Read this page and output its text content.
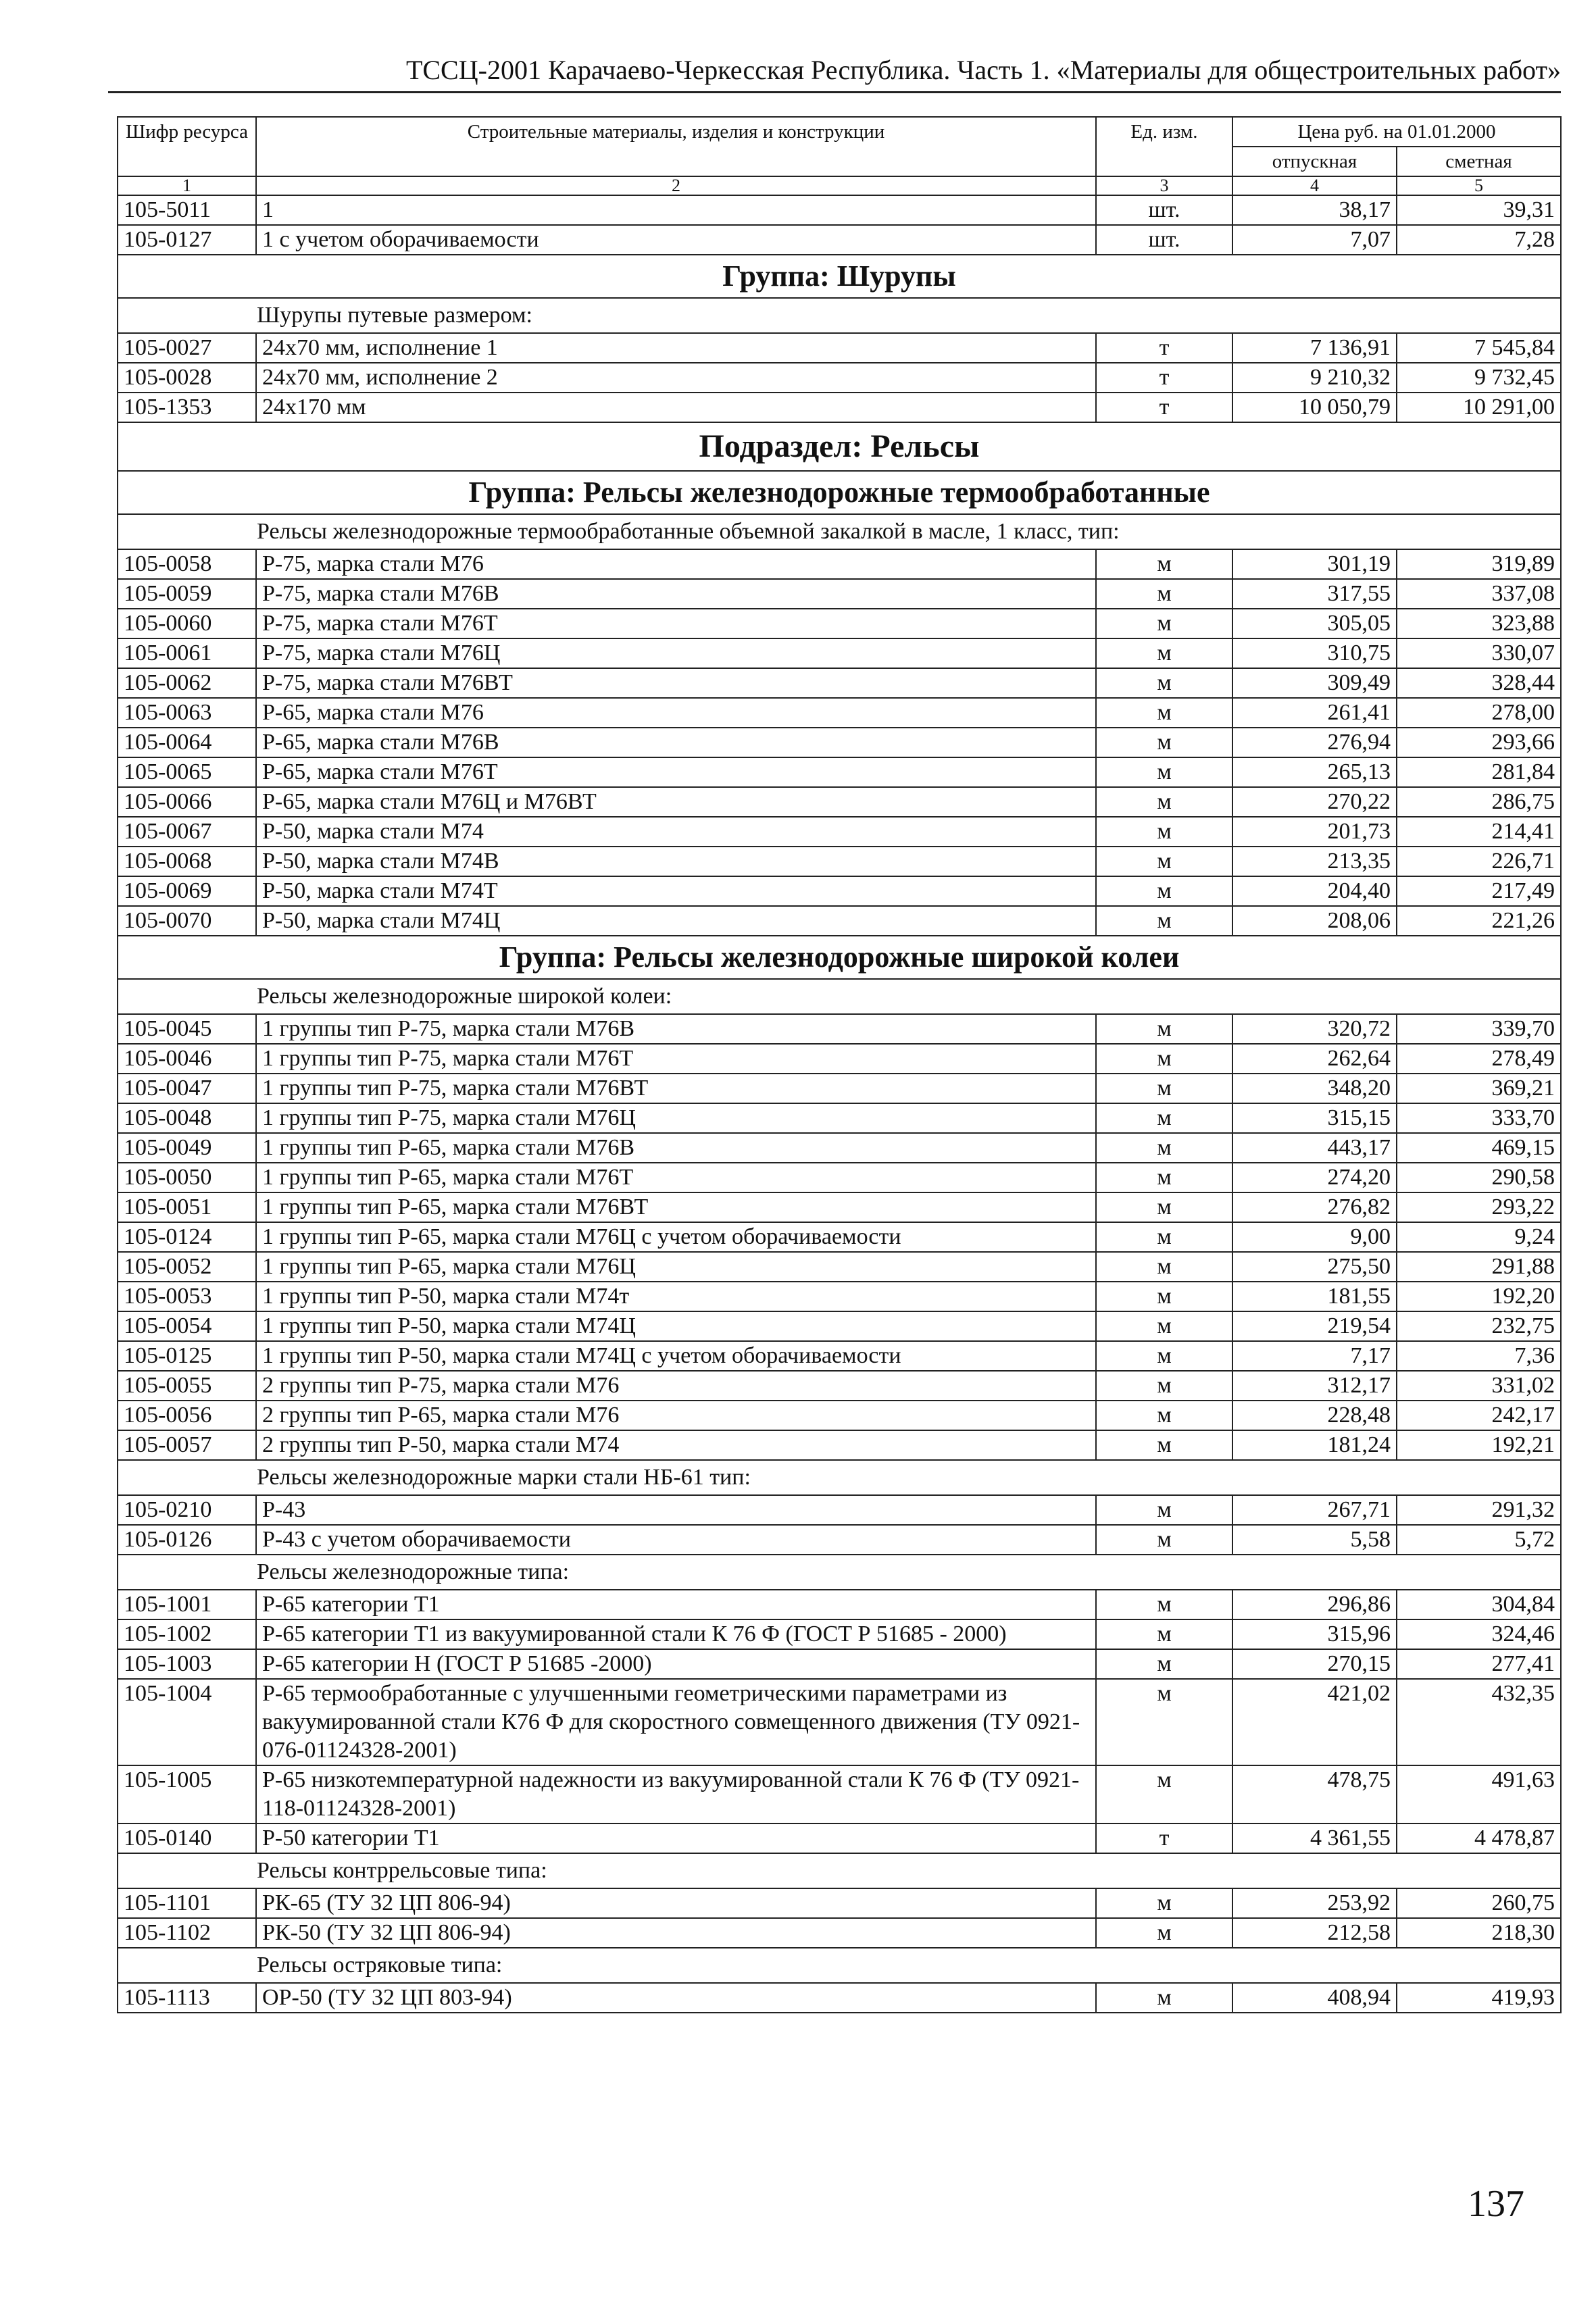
ТССЦ-2001 Карачаево-Черкесская Республика. Часть 1. «Материалы для общестроительных работ»
Шифр ресурса	Строительные материалы, изделия и конструкции	Ед. изм.	Цена руб. на 01.01.2000	
			отпускная	сметная
1	2	3	4	5
105-5011	1	шт.	38,17	39,31
105-0127	1 с учетом оборачиваемости	шт.	7,07	7,28
Группа: Шурупы				
Шурупы путевые размером:				
105-0027	24х70 мм, исполнение 1	т	7 136,91	7 545,84
105-0028	24х70 мм, исполнение 2	т	9 210,32	9 732,45
105-1353	24х170 мм	т	10 050,79	10 291,00
Подраздел: Рельсы				
Группа: Рельсы железнодорожные термообработанные				
Рельсы железнодорожные термообработанные объемной закалкой в масле, 1 класс, тип:				
105-0058	Р-75, марка стали М76	м	301,19	319,89
105-0059	Р-75, марка стали М76В	м	317,55	337,08
105-0060	Р-75, марка стали М76Т	м	305,05	323,88
105-0061	Р-75, марка стали М76Ц	м	310,75	330,07
105-0062	Р-75, марка стали М76ВТ	м	309,49	328,44
105-0063	Р-65, марка стали М76	м	261,41	278,00
105-0064	Р-65, марка стали М76В	м	276,94	293,66
105-0065	Р-65, марка стали М76Т	м	265,13	281,84
105-0066	Р-65, марка стали М76Ц и М76ВТ	м	270,22	286,75
105-0067	Р-50, марка стали М74	м	201,73	214,41
105-0068	Р-50, марка стали М74В	м	213,35	226,71
105-0069	Р-50, марка стали М74Т	м	204,40	217,49
105-0070	Р-50, марка стали М74Ц	м	208,06	221,26
Группа: Рельсы железнодорожные широкой колеи				
Рельсы железнодорожные широкой колеи:				
105-0045	1 группы тип Р-75, марка стали М76В	м	320,72	339,70
105-0046	1 группы тип Р-75, марка стали М76Т	м	262,64	278,49
105-0047	1 группы тип Р-75, марка стали М76ВТ	м	348,20	369,21
105-0048	1 группы тип Р-75, марка стали М76Ц	м	315,15	333,70
105-0049	1 группы тип Р-65, марка стали М76В	м	443,17	469,15
105-0050	1 группы тип Р-65, марка стали М76Т	м	274,20	290,58
105-0051	1 группы тип Р-65, марка стали М76ВТ	м	276,82	293,22
105-0124	1 группы тип Р-65, марка стали М76Ц с учетом оборачиваемости	м	9,00	9,24
105-0052	1 группы тип Р-65, марка стали М76Ц	м	275,50	291,88
105-0053	1 группы тип Р-50, марка стали М74т	м	181,55	192,20
105-0054	1 группы тип Р-50, марка стали М74Ц	м	219,54	232,75
105-0125	1 группы тип Р-50, марка стали М74Ц с учетом оборачиваемости	м	7,17	7,36
105-0055	2 группы тип Р-75, марка стали М76	м	312,17	331,02
105-0056	2 группы тип Р-65, марка стали М76	м	228,48	242,17
105-0057	2 группы тип Р-50, марка стали М74	м	181,24	192,21
Рельсы железнодорожные марки стали НБ-61 тип:				
105-0210	Р-43	м	267,71	291,32
105-0126	Р-43 с учетом оборачиваемости	м	5,58	5,72
Рельсы железнодорожные типа:				
105-1001	Р-65 категории Т1	м	296,86	304,84
105-1002	Р-65 категории Т1 из вакуумированной стали К 76 Ф (ГОСТ Р 51685 - 2000)	м	315,96	324,46
105-1003	Р-65 категории Н (ГОСТ Р 51685 -2000)	м	270,15	277,41
105-1004	Р-65 термообработанные с улучшенными геометрическими параметрами из вакуумированной стали К76 Ф для скоростного совмещенного движения (ТУ 0921-076-01124328-2001)	м	421,02	432,35
105-1005	Р-65 низкотемпературной надежности из вакуумированной стали К 76 Ф (ТУ 0921-118-01124328-2001)	м	478,75	491,63
105-0140	Р-50 категории Т1	т	4 361,55	4 478,87
Рельсы контррельсовые типа:				
105-1101	РК-65 (ТУ 32 ЦП 806-94)	м	253,92	260,75
105-1102	РК-50 (ТУ 32 ЦП 806-94)	м	212,58	218,30
Рельсы остряковые типа:				
105-1113	ОР-50 (ТУ 32 ЦП 803-94)	м	408,94	419,93
137
